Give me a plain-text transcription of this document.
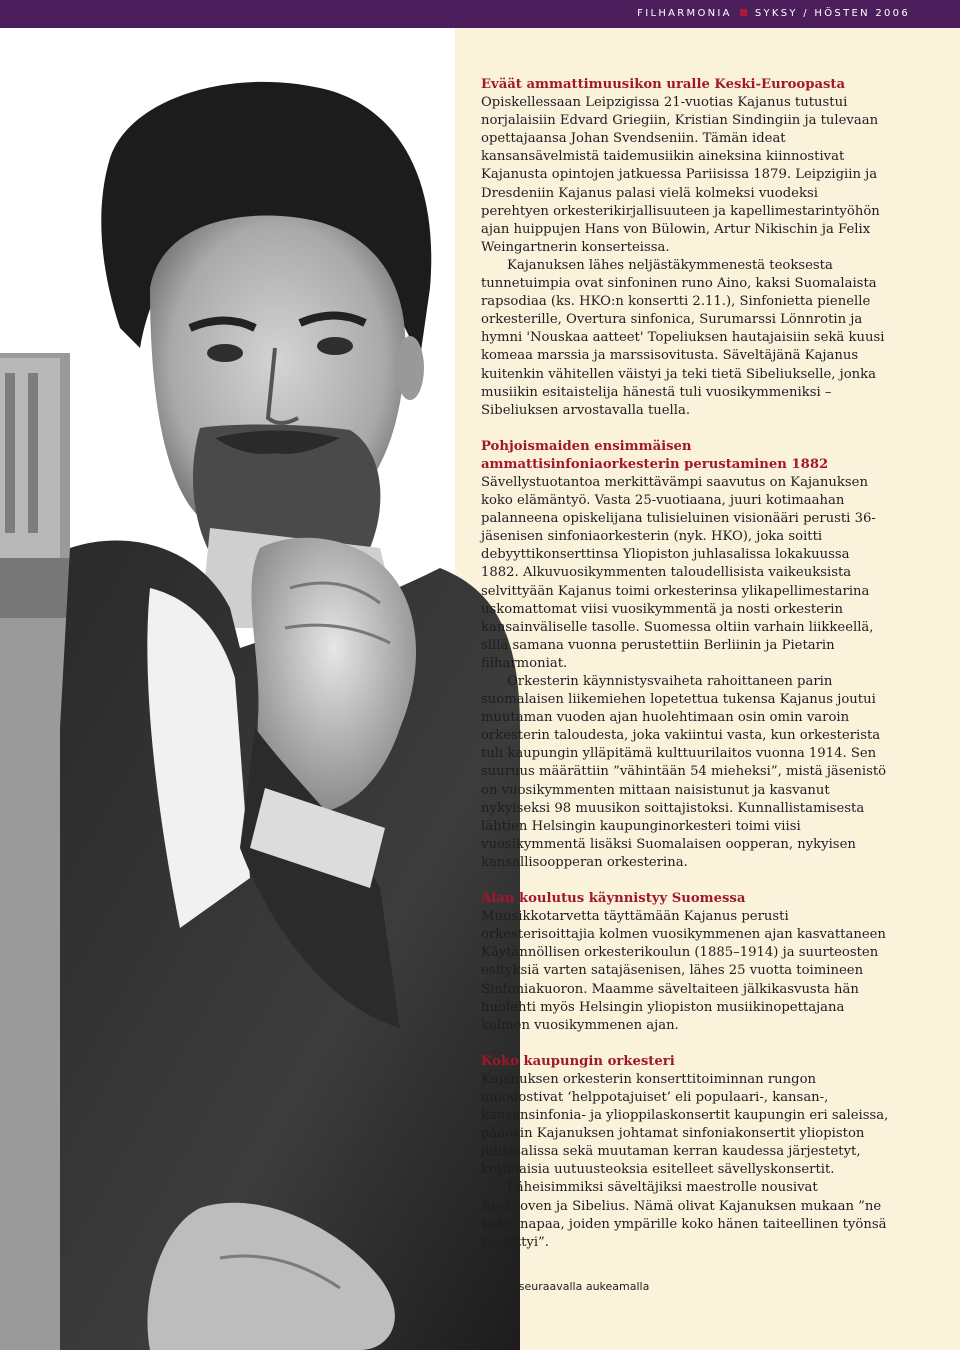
FILHARMONIA SYKSY / HÖSTEN 2006
Eväät ammattimuusikon uralle Keski-Euroopasta

Opiskellessaan Leipzigissa 21-vuotias Kajanus tutustui norjalaisiin Edvard Griegiin, Kristian Sindingiin ja tulevaan opettajaansa Johan Svendseniin. Tämän ideat kansansävelmistä taidemusiikin aineksina kiinnostivat Kajanusta opintojen jatkuessa Pariisissa 1879. Leipzigiin ja Dresdeniin Kajanus palasi vielä kolmeksi vuodeksi perehtyen orkesterikirjallisuuteen ja kapellimestarintyöhön ajan huippujen Hans von Bülowin, Artur Nikischin ja Felix Weingartnerin konserteissa.

Kajanuksen lähes neljästäkymmenestä teoksesta tunnetuimpia ovat sinfoninen runo Aino, kaksi Suomalaista rapsodiaa (ks. HKO:n konsertti 2.11.), Sinfonietta pienelle orkesterille, Overtura sinfonica, Surumarssi Lönnrotin ja hymni 'Nouskaa aatteet' Topeliuksen hautajaisiin sekä kuusi komeaa marssia ja marssisovitusta. Säveltäjänä Kajanus kuitenkin vähitellen väistyi ja teki tietä Sibeliukselle, jonka musiikin esitaistelija hänestä tuli vuosikymmeniksi – Sibeliuksen arvostavalla tuella.

Pohjoismaiden ensimmäisen ammattisinfoniaorkesterin perustaminen 1882

Sävellystuotantoa merkittävämpi saavutus on Kajanuksen koko elämäntyö. Vasta 25-vuotiaana, juuri kotimaahan palanneena opiskelijana tulisieluinen visionääri perusti 36-jäsenisen sinfoniaorkesterin (nyk. HKO), joka soitti debyyttikonserttinsa Yliopiston juhlasalissa lokakuussa 1882. Alkuvuosikymmenten taloudellisista vaikeuksista selvittyään Kajanus toimi orkesterinsa ylikapellimestarina uskomattomat viisi vuosikymmentä ja nosti orkesterin kansainväliselle tasolle. Suomessa oltiin varhain liikkeellä, sillä samana vuonna perustettiin Berliinin ja Pietarin filharmoniat.

Orkesterin käynnistysvaiheta rahoittaneen parin suomalaisen liikemiehen lopetettua tukensa Kajanus joutui muutaman vuoden ajan huolehtimaan osin omin varoin orkesterin taloudesta, joka vakiintui vasta, kun orkesterista tuli kaupungin ylläpitämä kulttuurilaitos vuonna 1914. Sen suuruus määrättiin ”vähintään 54 mieheksi”, mistä jäsenistö on vuosikymmenten mittaan naisistunut ja kasvanut nykyiseksi 98 muusikon soittajistoksi. Kunnallistamisesta lähtien Helsingin kaupunginorkesteri toimi viisi vuosikymmentä lisäksi Suomalaisen oopperan, nykyisen kansallisoopperan orkesterina.

Alan koulutus käynnistyy Suomessa

Muusikkotarvetta täyttämään Kajanus perusti orkesterisoittajia kolmen vuosikymmenen ajan kasvattaneen Käytännöllisen orkesterikoulun (1885–1914) ja suurteosten esityksiä varten satajäsenisen, lähes 25 vuotta toimineen Sinfoniakuoron. Maamme säveltaiteen jälkikasvusta hän huolehti myös Helsingin yliopiston musiikinopettajana kolmen vuosikymmenen ajan.

Koko kaupungin orkesteri

Kajanuksen orkesterin konserttitoiminnan rungon muodostivat ‘helppotajuiset’ eli populaari-, kansan-, kansansinfonia- ja ylioppilaskonsertit kaupungin eri saleissa, pääosin Kajanuksen johtamat sinfoniakonsertit yliopiston juhlasalissa sekä muutaman kerran kaudessa järjestetyt, kotimaisia uutuusteoksia esitelleet sävellyskonsertit.

Läheisimmiksi säveltäjiksi maestrolle nousivat Beethoven ja Sibelius. Nämä olivat Kajanuksen mukaan ”ne kaksi napaa, joiden ympärille koko hänen taiteellinen työnsä keskittyi”.

Jatkuu seuraavalla aukeamalla
